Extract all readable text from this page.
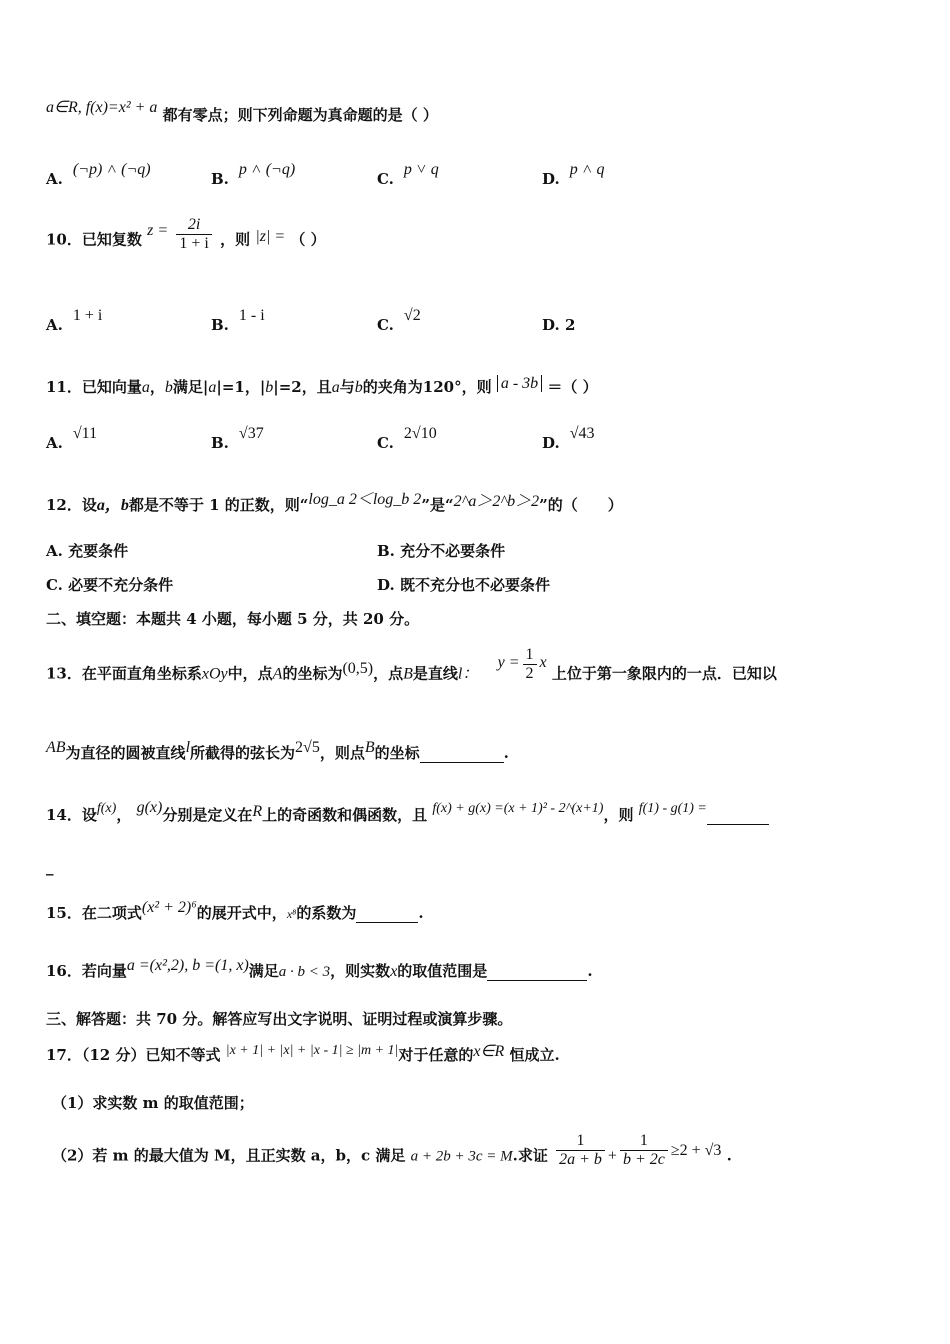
a∈R, f(x)=x² + a 都有零点；则下列命题为真命题的是（ ）
A.(¬p) ˄ (¬q)
B.p ˄ (¬q)
C.p ˅ q
D.p ˄ q
10．已知复数 $z = \frac{2i}{1 + i}$ ，则 |z| = （ ）
A.1 + i
B.1 - i
C.√2
D. 2
11．已知向量a，b满足|a|=1，|b|=2，且a与b的夹角为120°，则 a - 3b ＝（ ）
A.√11
B.√37
C.2√10
D.√43
12．设a，b都是不等于 1 的正数，则“log_a 2＜log_b 2”是“2^a＞2^b＞2”的（　　）
A. 充要条件	B. 充分不必要条件
C. 必要不充分条件	D. 既不充分也不必要条件
二、填空题：本题共 4 小题，每小题 5 分，共 20 分。
13．在平面直角坐标系xOy中，点A的坐标为(0,5)，点B是直线l： $y = \frac{1}{2}$ x 上位于第一象限内的一点．已知以
AB为直径的圆被直线l所截得的弦长为2√5，则点B的坐标	.
14．设f(x)， g(x)分别是定义在R上的奇函数和偶函数，且 f(x) + g(x) =(x + 1)² - 2^(x+1)，则 f(1) - g(1) =
_
15．在二项式(x² + 2)⁶的展开式中，x⁸的系数为	.
16．若向量a =(x²,2), b =(1, x)满足a · b < 3，则实数x的取值范围是	.
三、解答题：共 70 分。解答应写出文字说明、证明过程或演算步骤。
17．（12 分）已知不等式 |x + 1| + |x| + |x - 1| ≥ |m + 1|对于任意的x∈R 恒成立.
（1）求实数 m 的取值范围；
（2）若 m 的最大值为 M，且正实数 a，b，c 满足 a + 2b + 3c = M.求证 $\frac{1}{2a + b} + \frac{1}{b + 2c} \ge 2 + √3$ .
